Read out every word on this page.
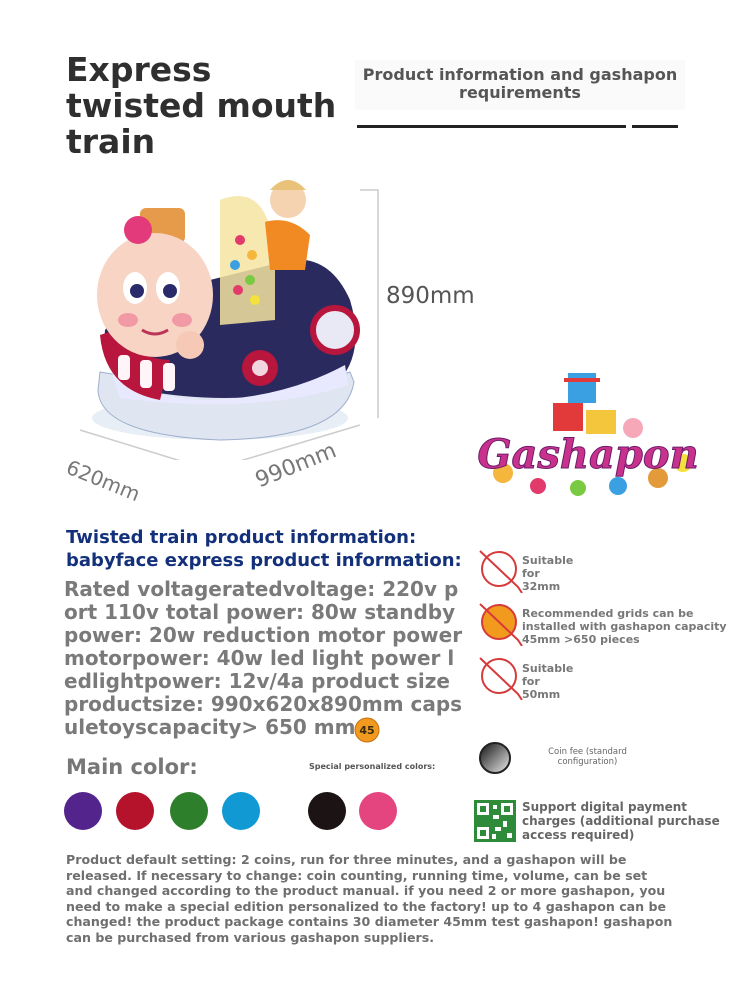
Express twisted mouth train
Product information and gashapon requirements
890mm
620mm	990mm	Gashapon
Twisted train product information:
babyface express product information:

Rated voltageratedvoltage: 220v port 110v total power: 80w standby power: 20w reduction motor power motorpower: 40w led light power ledlightpower: 12v/4a product sizeproductsize: 990x620x890mm capsuletoyscapacity> 650 mm 45
Main color:	Special personalized colors:
Suitable
for
32mm
Recommended grids can be
installed with gashapon capacity
45mm >650 pieces
Suitable
for
50mm
Coin fee (standard configuration)
Support digital payment charges (additional purchase access required)

Product default setting: 2 coins, run for three minutes, and a gashapon will be released. If necessary to change: coin counting, running time, volume, can be set and changed according to the product manual. if you need 2 or more gashapon, you need to make a special edition personalized to the factory! up to 4 gashapon can be changed! the product package contains 30 diameter 45mm test gashapon! gashapon can be purchased from various gashapon suppliers.
